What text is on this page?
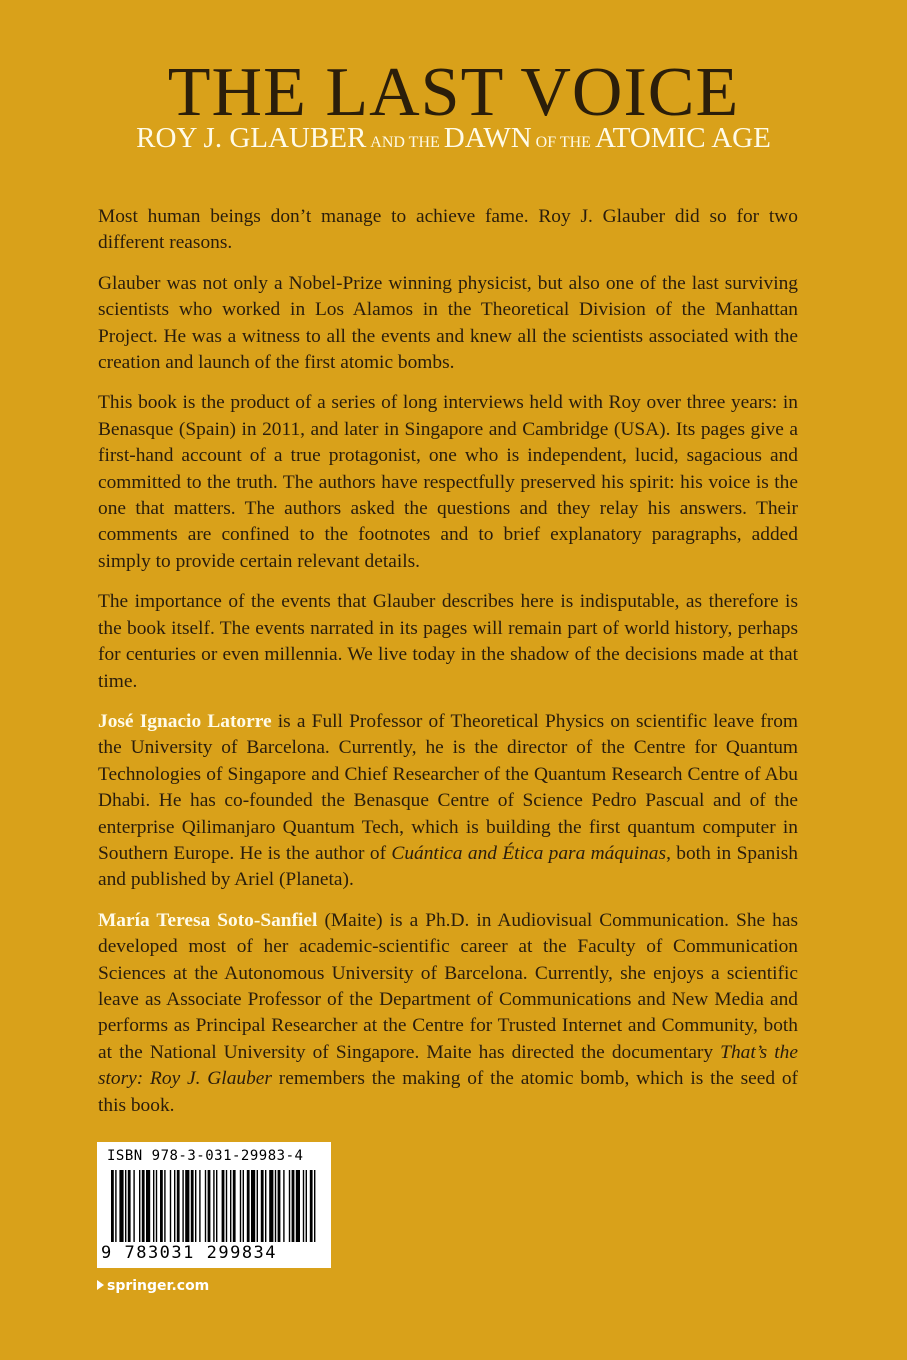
THE LAST VOICE
ROY J. GLAUBER AND THE DAWN OF THE ATOMIC AGE

Most human beings don’t manage to achieve fame. Roy J. Glauber did so for two different reasons.

Glauber was not only a Nobel-Prize winning physicist, but also one of the last surviving scientists who worked in Los Alamos in the Theoretical Division of the Manhattan Project. He was a witness to all the events and knew all the scientists associated with the creation and launch of the first atomic bombs.

This book is the product of a series of long interviews held with Roy over three years: in Benasque (Spain) in 2011, and later in Singapore and Cambridge (USA). Its pages give a first-hand account of a true protagonist, one who is independent, lucid, sagacious and committed to the truth. The authors have respectfully preserved his spirit: his voice is the one that matters. The authors asked the questions and they relay his answers. Their comments are confined to the footnotes and to brief explanatory paragraphs, added simply to provide certain relevant details.

The importance of the events that Glauber describes here is indisputable, as therefore is the book itself. The events narrated in its pages will remain part of world history, perhaps for centuries or even millennia. We live today in the shadow of the decisions made at that time.

José Ignacio Latorre is a Full Professor of Theoretical Physics on scientific leave from the University of Barcelona. Currently, he is the director of the Centre for Quantum Technologies of Singapore and Chief Researcher of the Quantum Research Centre of Abu Dhabi. He has co-founded the Benasque Centre of Science Pedro Pascual and of the enterprise Qilimanjaro Quantum Tech, which is building the first quantum computer in Southern Europe. He is the author of Cuántica and Ética para máquinas, both in Spanish and published by Ariel (Planeta).

María Teresa Soto-Sanfiel (Maite) is a Ph.D. in Audiovisual Communication. She has developed most of her academic-scientific career at the Faculty of Communication Sciences at the Autonomous University of Barcelona. Currently, she enjoys a scientific leave as Associate Professor of the Department of Communications and New Media and performs as Principal Researcher at the Centre for Trusted Internet and Community, both at the National University of Singapore. Maite has directed the documentary That’s the story: Roy J. Glauber remembers the making of the atomic bomb, which is the seed of this book.

ISBN 978-3-031-29983-4
9 783031 299834
springer.com
